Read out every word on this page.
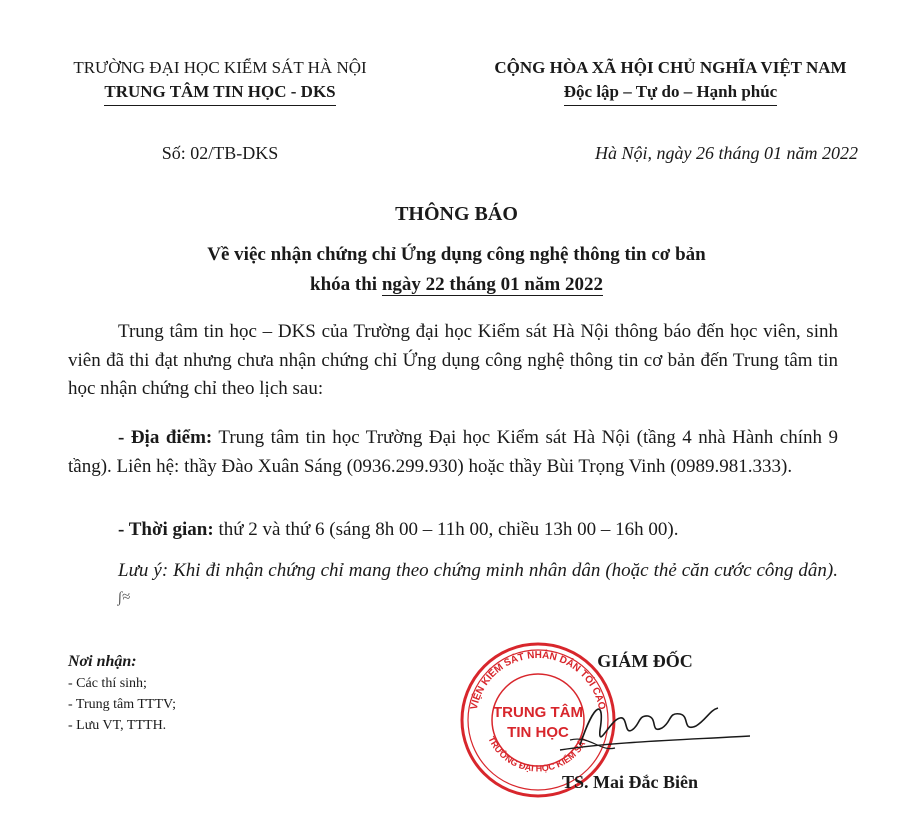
TRƯỜNG ĐẠI HỌC KIỂM SÁT HÀ NỘI
TRUNG TÂM TIN HỌC - DKS
CỘNG HÒA XÃ HỘI CHỦ NGHĨA VIỆT NAM
Độc lập – Tự do – Hạnh phúc
Số: 02/TB-DKS	Hà Nội, ngày 26 tháng 01 năm 2022
THÔNG BÁO
Về việc nhận chứng chỉ Ứng dụng công nghệ thông tin cơ bản
khóa thi ngày 22 tháng 01 năm 2022
Trung tâm tin học – DKS của Trường đại học Kiểm sát Hà Nội thông báo đến học viên, sinh viên đã thi đạt nhưng chưa nhận chứng chỉ Ứng dụng công nghệ thông tin cơ bản đến Trung tâm tin học nhận chứng chỉ theo lịch sau:
- Địa điểm: Trung tâm tin học Trường Đại học Kiểm sát Hà Nội (tầng 4 nhà Hành chính 9 tầng). Liên hệ: thầy Đào Xuân Sáng (0936.299.930) hoặc thầy Bùi Trọng Vinh (0989.981.333).
- Thời gian: thứ 2 và thứ 6 (sáng 8h 00 – 11h 00, chiều 13h 00 – 16h 00).
Lưu ý: Khi đi nhận chứng chỉ mang theo chứng minh nhân dân (hoặc thẻ căn cước công dân). ʃ≈
Nơi nhận:
- Các thí sinh;
- Trung tâm TTTV;
- Lưu VT, TTTH.
VIỆN KIỂM SÁT NHÂN DÂN TỐI CAO
TRƯỜNG ĐẠI HỌC KIỂM SÁT
TRUNG TÂM
TIN HỌC
GIÁM ĐỐC
TS. Mai Đắc Biên
